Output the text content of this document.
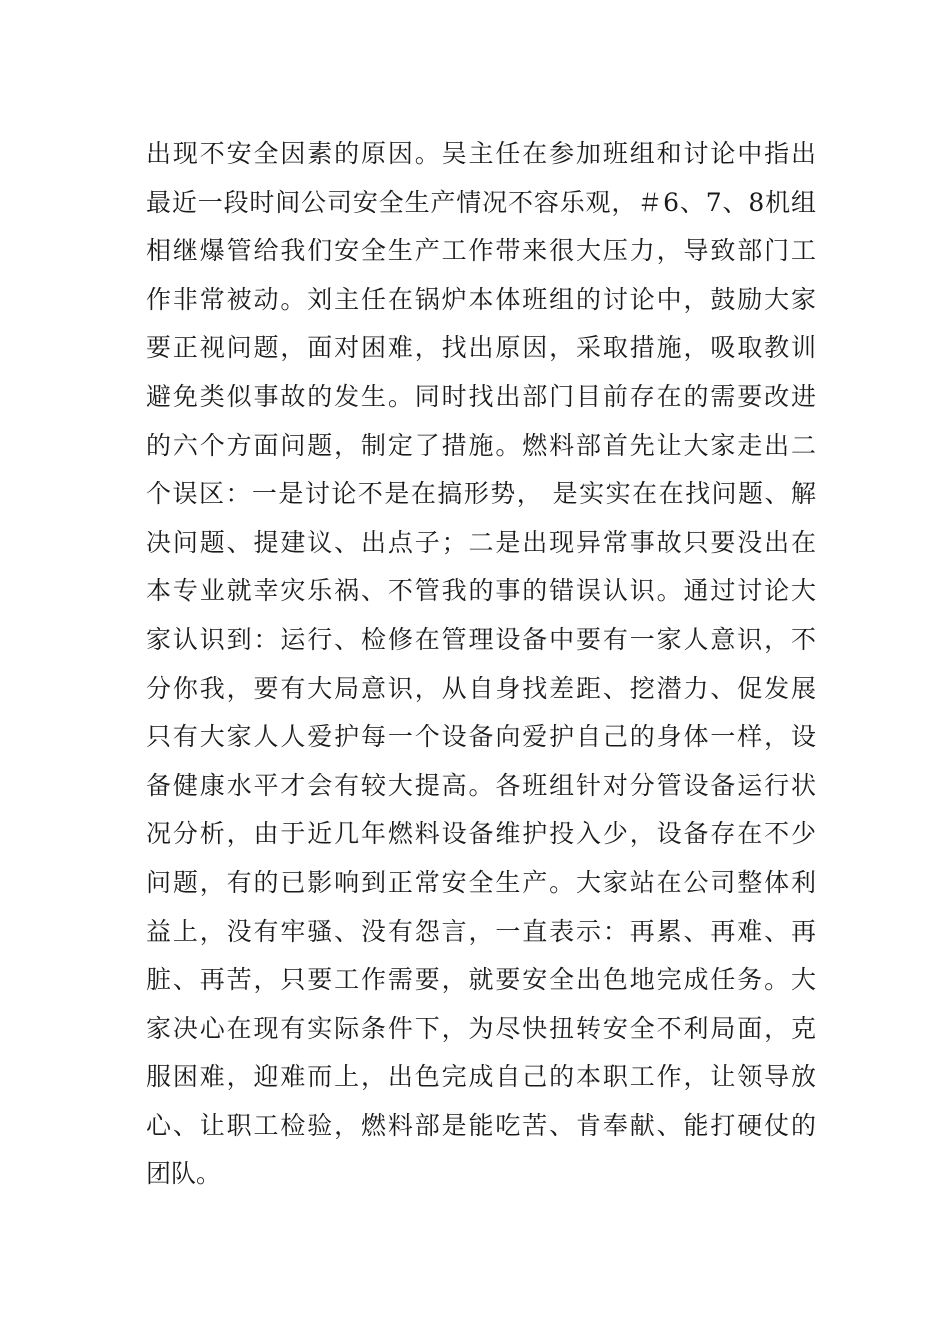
出现不安全因素的原因。吴主任在参加班组和讨论中指出
最近一段时间公司安全生产情况不容乐观，＃6、7、8机组
相继爆管给我们安全生产工作带来很大压力，导致部门工
作非常被动。刘主任在锅炉本体班组的讨论中，鼓励大家
要正视问题，面对困难，找出原因，采取措施，吸取教训
避免类似事故的发生。同时找出部门目前存在的需要改进
的六个方面问题，制定了措施。燃料部首先让大家走出二
个误区：一是讨论不是在搞形势， 是实实在在找问题、解
决问题、提建议、出点子；二是出现异常事故只要没出在
本专业就幸灾乐祸、不管我的事的错误认识。通过讨论大
家认识到：运行、检修在管理设备中要有一家人意识，不
分你我，要有大局意识，从自身找差距、挖潜力、促发展
只有大家人人爱护每一个设备向爱护自己的身体一样，设
备健康水平才会有较大提高。各班组针对分管设备运行状
况分析，由于近几年燃料设备维护投入少，设备存在不少
问题，有的已影响到正常安全生产。大家站在公司整体利
益上，没有牢骚、没有怨言，一直表示：再累、再难、再
脏、再苦，只要工作需要，就要安全出色地完成任务。大
家决心在现有实际条件下，为尽快扭转安全不利局面，克
服困难，迎难而上，出色完成自己的本职工作，让领导放
心、让职工检验，燃料部是能吃苦、肯奉献、能打硬仗的
团队。
